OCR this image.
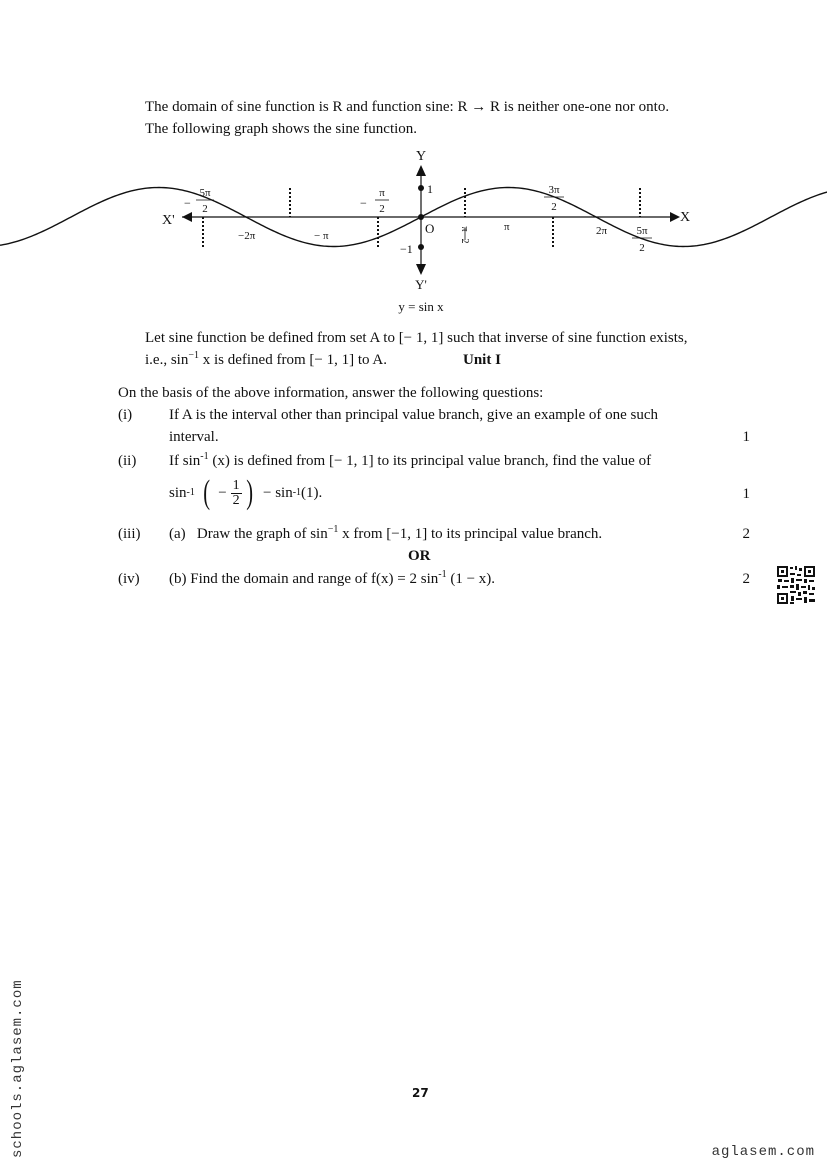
The domain of sine function is R and function sine: R → R is neither one-one nor onto.
The following graph shows the sine function.
Y
Y'
X
X'
O
1
−1
−
5π
2	−
π
2
3π
2
5π
2
π
2
−2π	− π
π	2π
y = sin x
Let sine function be defined from set A to [− 1, 1] such that inverse of sine function exists,
i.e., $\sin^{-1} x$ is defined from [− 1, 1] to A.	Unit I
On the basis of the above information, answer the following questions:
(i) If A is the interval other than principal value branch, give an example of one such
interval.	1
(ii) If $\sin^{-1} (x)$ is defined from [− 1, 1] to its principal value branch, find the value of
sin -1 ( − $\frac{1}{2}$ ) − sin -1 (1).	1
(iii) (a)   Draw the graph of $\sin^{-1} x$ from [−1, 1] to its principal value branch.	2
OR
(iv) (b) Find the domain and range of f(x) = 2 $\sin^{-1} (1 - x)$.	2
27
schools.aglasem.com	aglasem.com
